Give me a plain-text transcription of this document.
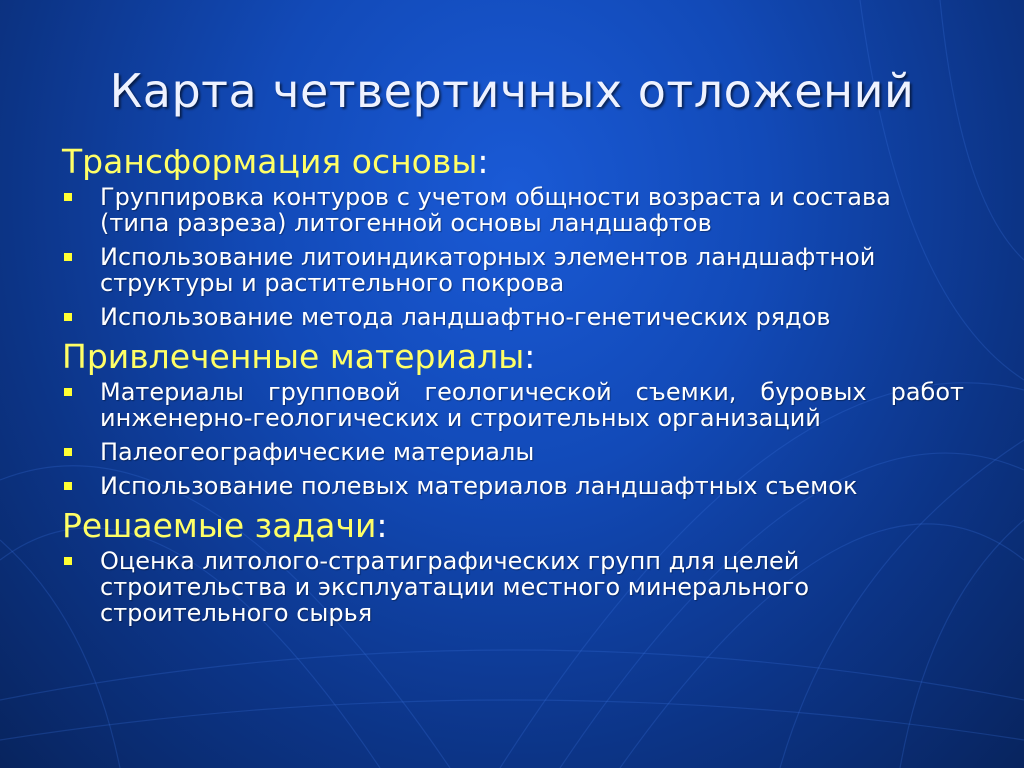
Карта четвертичных отложений

Трансформация основы:

Группировка контуров с учетом общности возраста и состава (типа разреза) литогенной основы ландшафтов
Использование литоиндикаторных элементов ландшафтной структуры и растительного покрова
Использование метода ландшафтно-генетических рядов

Привлеченные материалы:

Материалы групповой геологической съемки, буровых работ инженерно-геологических и строительных организаций
Палеогеографические материалы
Использование полевых материалов ландшафтных съемок

Решаемые задачи:

Оценка литолого-стратиграфических групп для целей строительства и эксплуатации местного минерального строительного сырья
